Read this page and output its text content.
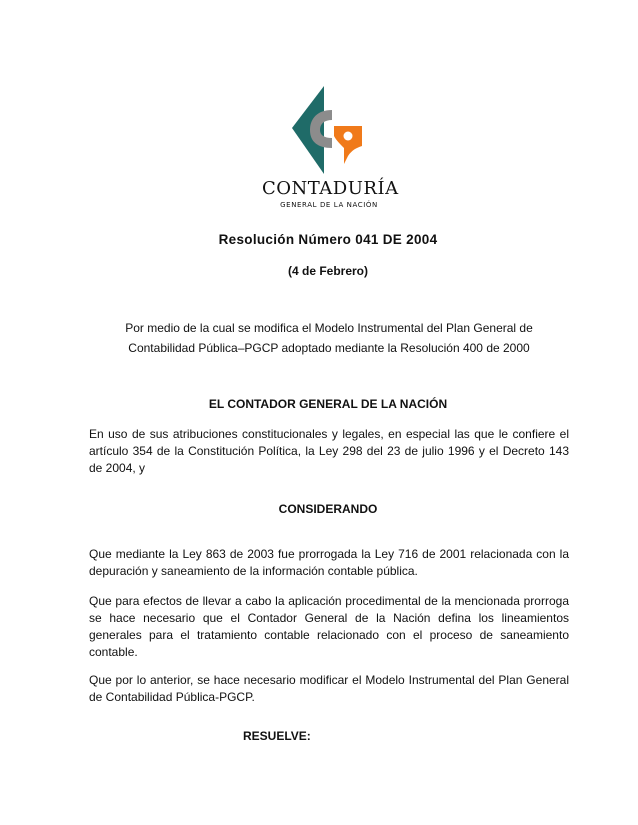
CONTADURÍA
GENERAL DE LA NACIÓN
Resolución Número 041 DE 2004
(4 de Febrero)
Por medio de la cual se modifica el Modelo Instrumental del Plan General de Contabilidad Pública–PGCP adoptado mediante la Resolución 400 de 2000
EL CONTADOR GENERAL DE LA NACIÓN
En uso de sus atribuciones constitucionales y legales, en especial las que le confiere el artículo 354 de la Constitución Política, la Ley 298 del 23 de julio 1996 y el Decreto 143 de 2004, y
CONSIDERANDO
Que mediante la Ley 863 de 2003 fue prorrogada la Ley 716 de 2001 relacionada con la depuración y saneamiento de la información contable pública.
Que para efectos de llevar a cabo la aplicación procedimental de la mencionada prorroga se hace necesario que el Contador General de la Nación defina los lineamientos generales para el tratamiento contable relacionado con el proceso de saneamiento contable.
Que por lo anterior, se hace necesario modificar el Modelo Instrumental del Plan General de Contabilidad Pública-PGCP.
RESUELVE:
